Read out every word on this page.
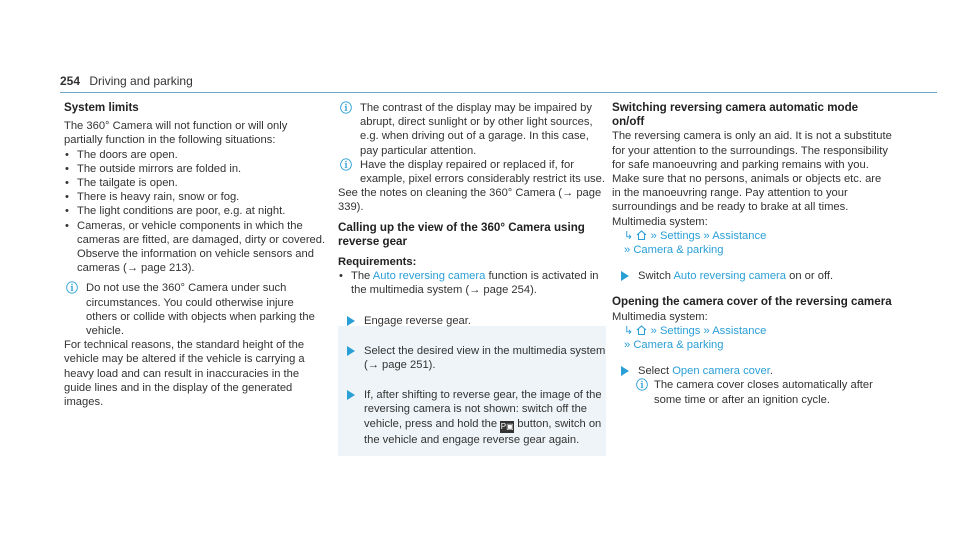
254 Driving and parking

System limits

The 360° Camera will not function or will only partially function in the following situations:

• The doors are open.
• The outside mirrors are folded in.
• The tailgate is open.
• There is heavy rain, snow or fog.
• The light conditions are poor, e.g. at night.
• Cameras, or vehicle components in which the cameras are fitted, are damaged, dirty or covered. Observe the information on vehicle sensors and cameras (→ page 213).
ⓘ Do not use the 360° Camera under such circumstances. You could otherwise injure others or collide with objects when parking the vehicle.

For technical reasons, the standard height of the vehicle may be altered if the vehicle is carrying a heavy load and can result in inaccuracies in the guide lines and in the display of the generated images.

ⓘ The contrast of the display may be impaired by abrupt, direct sunlight or by other light sources, e.g. when driving out of a garage. In this case, pay particular attention.
ⓘ Have the display repaired or replaced if, for example, pixel errors considerably restrict its use.

See the notes on cleaning the 360° Camera (→ page 339).

Calling up the view of the 360° Camera using reverse gear

Requirements:

• The Auto reversing camera function is activated in the multimedia system (→ page 254).
Engage reverse gear.
Select the desired view in the multimedia system (→ page 251).
If, after shifting to reverse gear, the image of the reversing camera is not shown: switch off the vehicle, press and hold the P▣ button, switch on the vehicle and engage reverse gear again.

Switching reversing camera automatic mode on/off

The reversing camera is only an aid. It is not a substitute for your attention to the surroundings. The responsibility for safe manoeuvring and parking remains with you. Make sure that no persons, animals or objects etc. are in the manoeuvring range. Pay attention to your surroundings and be ready to brake at all times.

Multimedia system:

↳ » Settings » Assistance
» Camera & parking
Switch Auto reversing camera on or off.

Opening the camera cover of the reversing camera

Multimedia system:

↳ » Settings » Assistance
» Camera & parking
Select Open camera cover.
ⓘ The camera cover closes automatically after some time or after an ignition cycle.
